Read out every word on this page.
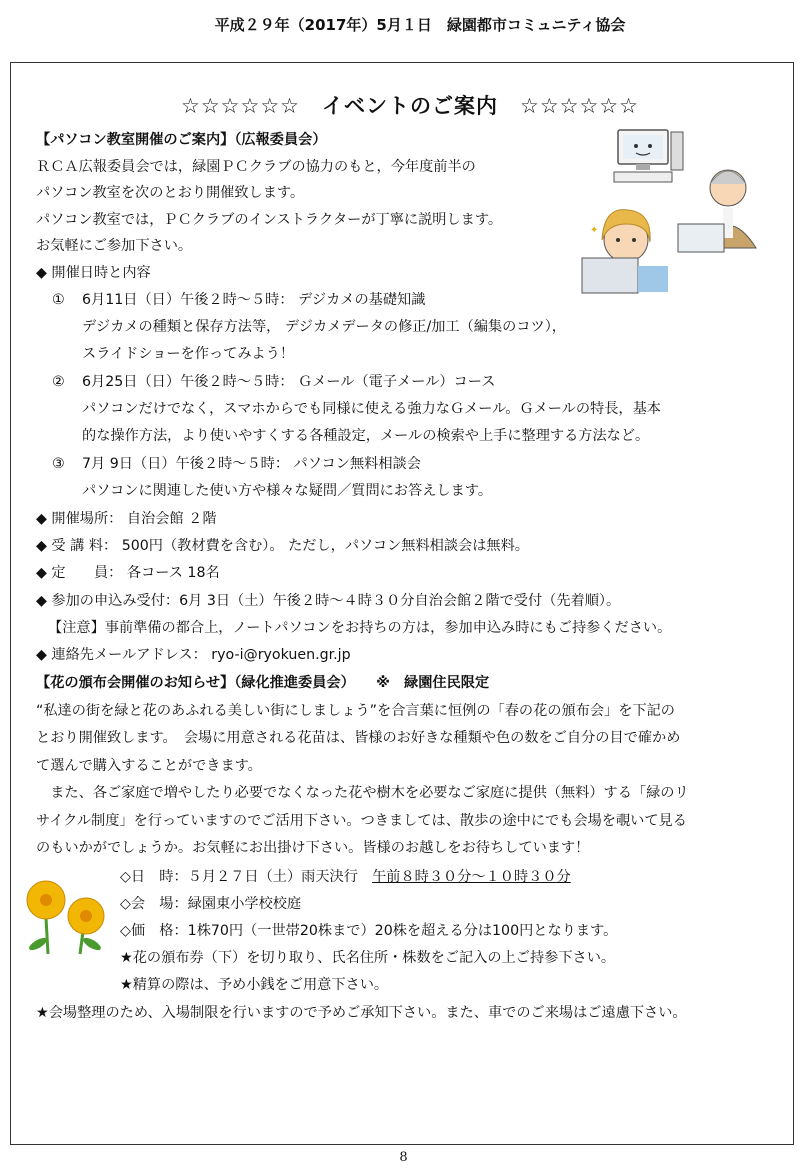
平成２９年（2017年）5月１日　緑園都市コミュニティ協会
☆☆☆☆☆☆　イベントのご案内　☆☆☆☆☆☆
【パソコン教室開催のご案内】（広報委員会）
ＲＣＡ広報委員会では，緑園ＰＣクラブの協力のもと，今年度前半の
パソコン教室を次のとおり開催致します。
パソコン教室では，ＰＣクラブのインストラクターが丁寧に説明します。
お気軽にご参加下さい。
◆ 開催日時と内容
① 6月11日（日）午後２時～５時： デジカメの基礎知識
デジカメの種類と保存方法等， デジカメデータの修正/加工（編集のコツ），
スライドショーを作ってみよう！
② 6月25日（日）午後２時～５時： Ｇメール（電子メール）コース
パソコンだけでなく，スマホからでも同様に使える強力なＧメール。Ｇメールの特長，基本
的な操作方法，より使いやすくする各種設定，メールの検索や上手に整理する方法など。
③ 7月 9日（日）午後２時～５時： パソコン無料相談会
パソコンに関連した使い方や様々な疑問／質問にお答えします。
◆ 開催場所： 自治会館 ２階
◆ 受 講 料： 500円（教材費を含む）。 ただし，パソコン無料相談会は無料。
◆ 定　　員： 各コース 18名
◆ 参加の申込み受付：6月 3日（土）午後２時～４時３０分自治会館２階で受付（先着順）。
【注意】事前準備の都合上，ノートパソコンをお持ちの方は，参加申込み時にもご持参ください。
◆ 連絡先メールアドレス： ryo-i@ryokuen.gr.jp
✦
【花の頒布会開催のお知らせ】（緑化推進委員会）　　※　緑園住民限定
“私達の街を緑と花のあふれる美しい街にしましょう”を合言葉に恒例の「春の花の頒布会」を下記の
とおり開催致します。　会場に用意される花苗は、皆様のお好きな種類や色の数をご自分の目で確かめ
て選んで購入することができます。
　また、各ご家庭で増やしたり必要でなくなった花や樹木を必要なご家庭に提供（無料）する「緑のリ
サイクル制度」を行っていますのでご活用下さい。つきましては、散歩の途中にでも会場を覗いて見る
のもいかがでしょうか。お気軽にお出掛け下さい。皆様のお越しをお待ちしています！
◇日　時：５月２７日（土）雨天決行　午前８時３０分～１０時３０分
◇会　場：緑園東小学校校庭
◇価　格：1株70円（一世帯20株まで）20株を超える分は100円となります。
★花の頒布券（下）を切り取り、氏名住所・株数をご記入の上ご持参下さい。
★精算の際は、予め小銭をご用意下さい。
★会場整理のため、入場制限を行いますので予めご承知下さい。また、車でのご来場はご遠慮下さい。
8
